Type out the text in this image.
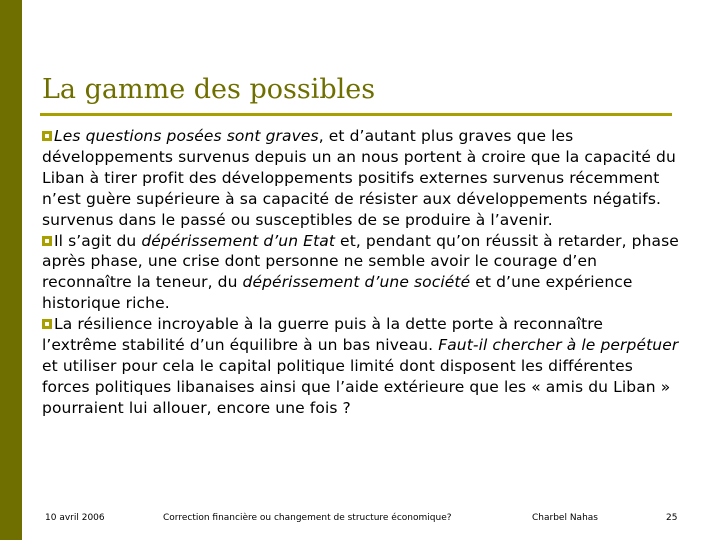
La gamme des possibles

Les questions posées sont graves, et d’autant plus graves que les développements survenus depuis un an nous portent à croire que la capacité du Liban à tirer profit des développements positifs externes survenus récemment n’est guère supérieure à sa capacité de résister aux développements négatifs. survenus dans le passé ou susceptibles de se produire à l’avenir.

Il s’agit du dépérissement d’un Etat et, pendant qu’on réussit à retarder, phase après phase, une crise dont personne ne semble avoir le courage d’en reconnaître la teneur, du dépérissement d’une société et d’une expérience historique riche.

La résilience incroyable à la guerre puis à la dette porte à reconnaître l’extrême stabilité d’un équilibre à un bas niveau. Faut-il chercher à le perpétuer et utiliser pour cela le capital politique limité dont disposent les différentes forces politiques libanaises ainsi que l’aide extérieure que les « amis du Liban » pourraient lui allouer, encore une fois ?

10 avril 2006	Correction financière ou changement de structure économique?	Charbel Nahas	25
